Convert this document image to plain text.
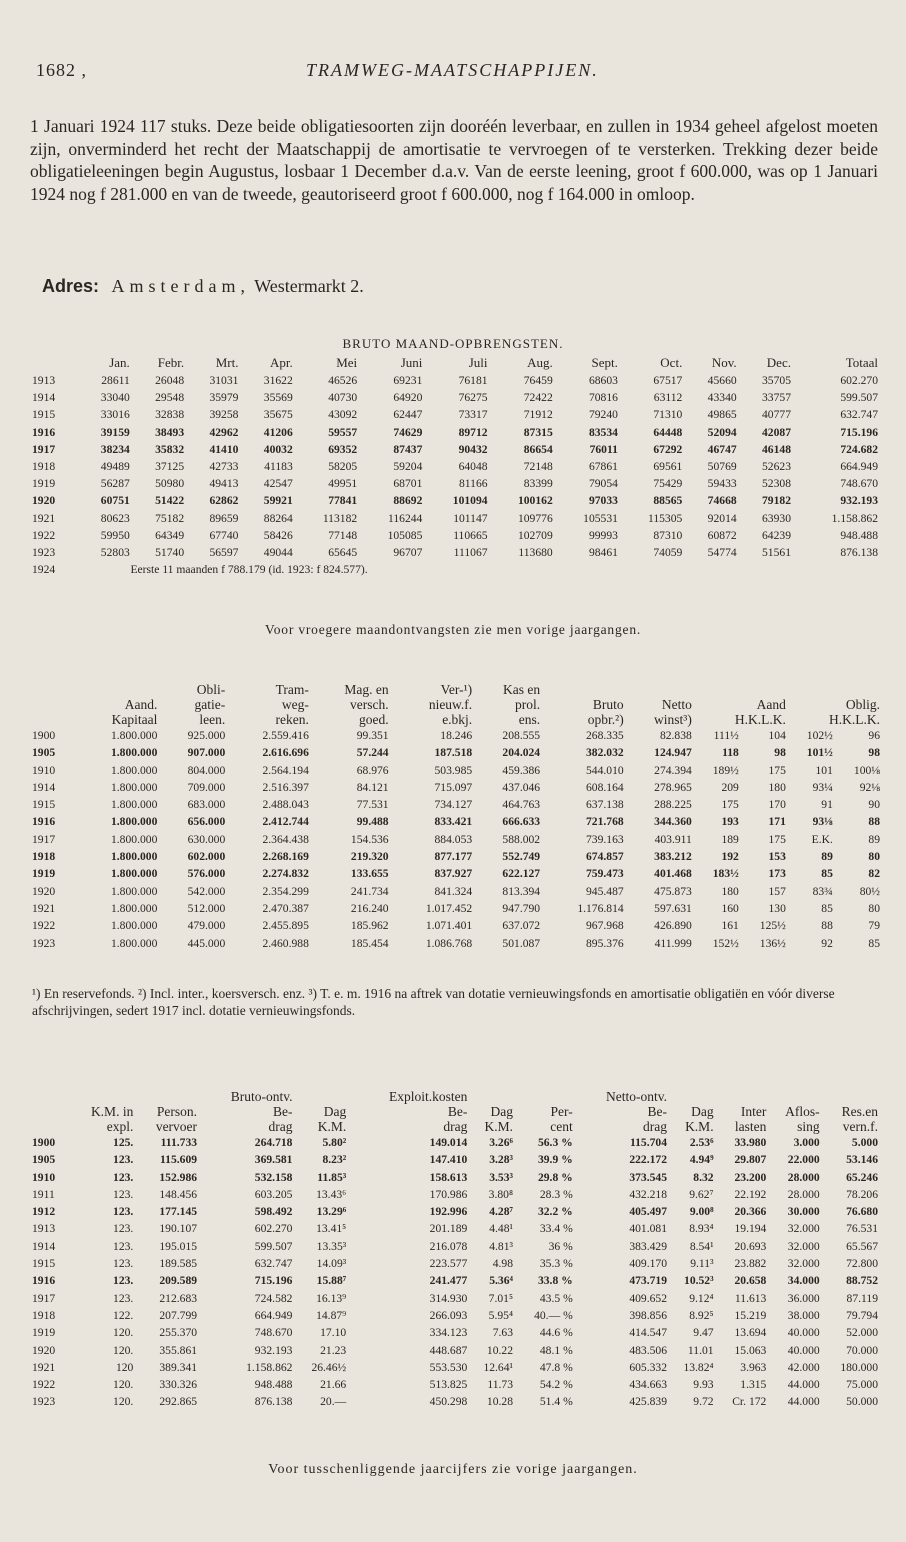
1682 ,	TRAMWEG-MAATSCHAPPIJEN.

1 Januari 1924 117 stuks. Deze beide obligatiesoorten zijn dooréén leverbaar, en zullen in 1934 geheel afgelost moeten zijn, onverminderd het recht der Maatschappij de amortisatie te vervroegen of te versterken. Trekking dezer beide obligatieleeningen begin Augustus, losbaar 1 December d.a.v. Van de eerste leening, groot f 600.000, was op 1 Januari 1924 nog f 281.000 en van de tweede, geautoriseerd groot f 600.000, nog f 164.000 in omloop.

Adres: Amsterdam, Westermarkt 2.
BRUTO MAAND-OPBRENGSTEN.
	Jan.	Febr.	Mrt.	Apr.	Mei	Juni	Juli	Aug.	Sept.	Oct.	Nov.	Dec.	Totaal
1913	28611	26048	31031	31622	46526	69231	76181	76459	68603	67517	45660	35705	602.270
1914	33040	29548	35979	35569	40730	64920	76275	72422	70816	63112	43340	33757	599.507
1915	33016	32838	39258	35675	43092	62447	73317	71912	79240	71310	49865	40777	632.747
1916	39159	38493	42962	41206	59557	74629	89712	87315	83534	64448	52094	42087	715.196
1917	38234	35832	41410	40032	69352	87437	90432	86654	76011	67292	46747	46148	724.682
1918	49489	37125	42733	41183	58205	59204	64048	72148	67861	69561	50769	52623	664.949
1919	56287	50980	49413	42547	49951	68701	81166	83399	79054	75429	59433	52308	748.670
1920	60751	51422	62862	59921	77841	88692	101094	100162	97033	88565	74668	79182	932.193
1921	80623	75182	89659	88264	113182	116244	101147	109776	105531	115305	92014	63930	1.158.862
1922	59950	64349	67740	58426	77148	105085	110665	102709	99993	87310	60872	64239	948.488
1923	52803	51740	56597	49044	65645	96707	111067	113680	98461	74059	54774	51561	876.138
1924	Eerste 11 maanden f 788.179 (id. 1923: f 824.577).												
Voor vroegere maandontvangsten zie men vorige jaargangen.
		Obli-	Tram-	Mag. en	Ver-¹)	Kas en						
	Aand.	gatie-	weg-	versch.	nieuw.f.	prol.	Bruto	Netto	Aand		Oblig.	
	Kapitaal	leen.	reken.	goed.	e.bkj.	ens.	opbr.²)	winst³)	H.K.L.K.		H.K.L.K.	
1900	1.800.000	925.000	2.559.416	99.351	18.246	208.555	268.335	82.838	111½	104	102½	96
1905	1.800.000	907.000	2.616.696	57.244	187.518	204.024	382.032	124.947	118	98	101½	98
1910	1.800.000	804.000	2.564.194	68.976	503.985	459.386	544.010	274.394	189½	175	101	100⅛
1914	1.800.000	709.000	2.516.397	84.121	715.097	437.046	608.164	278.965	209	180	93¼	92⅛
1915	1.800.000	683.000	2.488.043	77.531	734.127	464.763	637.138	288.225	175	170	91	90
1916	1.800.000	656.000	2.412.744	99.488	833.421	666.633	721.768	344.360	193	171	93⅛	88
1917	1.800.000	630.000	2.364.438	154.536	884.053	588.002	739.163	403.911	189	175	E.K.	89
1918	1.800.000	602.000	2.268.169	219.320	877.177	552.749	674.857	383.212	192	153	89	80
1919	1.800.000	576.000	2.274.832	133.655	837.927	622.127	759.473	401.468	183½	173	85	82
1920	1.800.000	542.000	2.354.299	241.734	841.324	813.394	945.487	475.873	180	157	83¾	80½
1921	1.800.000	512.000	2.470.387	216.240	1.017.452	947.790	1.176.814	597.631	160	130	85	80
1922	1.800.000	479.000	2.455.895	185.962	1.071.401	637.072	967.968	426.890	161	125½	88	79
1923	1.800.000	445.000	2.460.988	185.454	1.086.768	501.087	895.376	411.999	152½	136½	92	85

¹) En reservefonds. ²) Incl. inter., koersversch. enz. ³) T. e. m. 1916 na aftrek van dotatie vernieuwingsfonds en amortisatie obligatiën en vóór diverse afschrijvingen, sedert 1917 incl. dotatie vernieuwingsfonds.

			Bruto-ontv.		Exploit.kosten			Netto-ontv.				
	K.M. in	Person.	Be-	Dag	Be-	Dag	Per-	Be-	Dag	Inter	Aflos-	Res.en
	expl.	vervoer	drag	K.M.	drag	K.M.	cent	drag	K.M.	lasten	sing	vern.f.
1900	125.	111.733	264.718	5.80²	149.014	3.26⁶	56.3 %	115.704	2.53⁶	33.980	3.000	5.000
1905	123.	115.609	369.581	8.23²	147.410	3.28³	39.9 %	222.172	4.94⁹	29.807	22.000	53.146
1910	123.	152.986	532.158	11.85³	158.613	3.53³	29.8 %	373.545	8.32	23.200	28.000	65.246
1911	123.	148.456	603.205	13.43⁶	170.986	3.80⁸	28.3 %	432.218	9.62⁷	22.192	28.000	78.206
1912	123.	177.145	598.492	13.29⁶	192.996	4.28⁷	32.2 %	405.497	9.00⁸	20.366	30.000	76.680
1913	123.	190.107	602.270	13.41⁵	201.189	4.48¹	33.4 %	401.081	8.93⁴	19.194	32.000	76.531
1914	123.	195.015	599.507	13.35³	216.078	4.81³	36 %	383.429	8.54¹	20.693	32.000	65.567
1915	123.	189.585	632.747	14.09³	223.577	4.98	35.3 %	409.170	9.11³	23.882	32.000	72.800
1916	123.	209.589	715.196	15.88⁷	241.477	5.36⁴	33.8 %	473.719	10.52³	20.658	34.000	88.752
1917	123.	212.683	724.582	16.13⁹	314.930	7.01⁵	43.5 %	409.652	9.12⁴	11.613	36.000	87.119
1918	122.	207.799	664.949	14.87⁹	266.093	5.95⁴	40.— %	398.856	8.92⁵	15.219	38.000	79.794
1919	120.	255.370	748.670	17.10	334.123	7.63	44.6 %	414.547	9.47	13.694	40.000	52.000
1920	120.	355.861	932.193	21.23	448.687	10.22	48.1 %	483.506	11.01	15.063	40.000	70.000
1921	120	389.341	1.158.862	26.46½	553.530	12.64¹	47.8 %	605.332	13.82⁴	3.963	42.000	180.000
1922	120.	330.326	948.488	21.66	513.825	11.73	54.2 %	434.663	9.93	1.315	44.000	75.000
1923	120.	292.865	876.138	20.—	450.298	10.28	51.4 %	425.839	9.72	Cr. 172	44.000	50.000
Voor tusschenliggende jaarcijfers zie vorige jaargangen.
